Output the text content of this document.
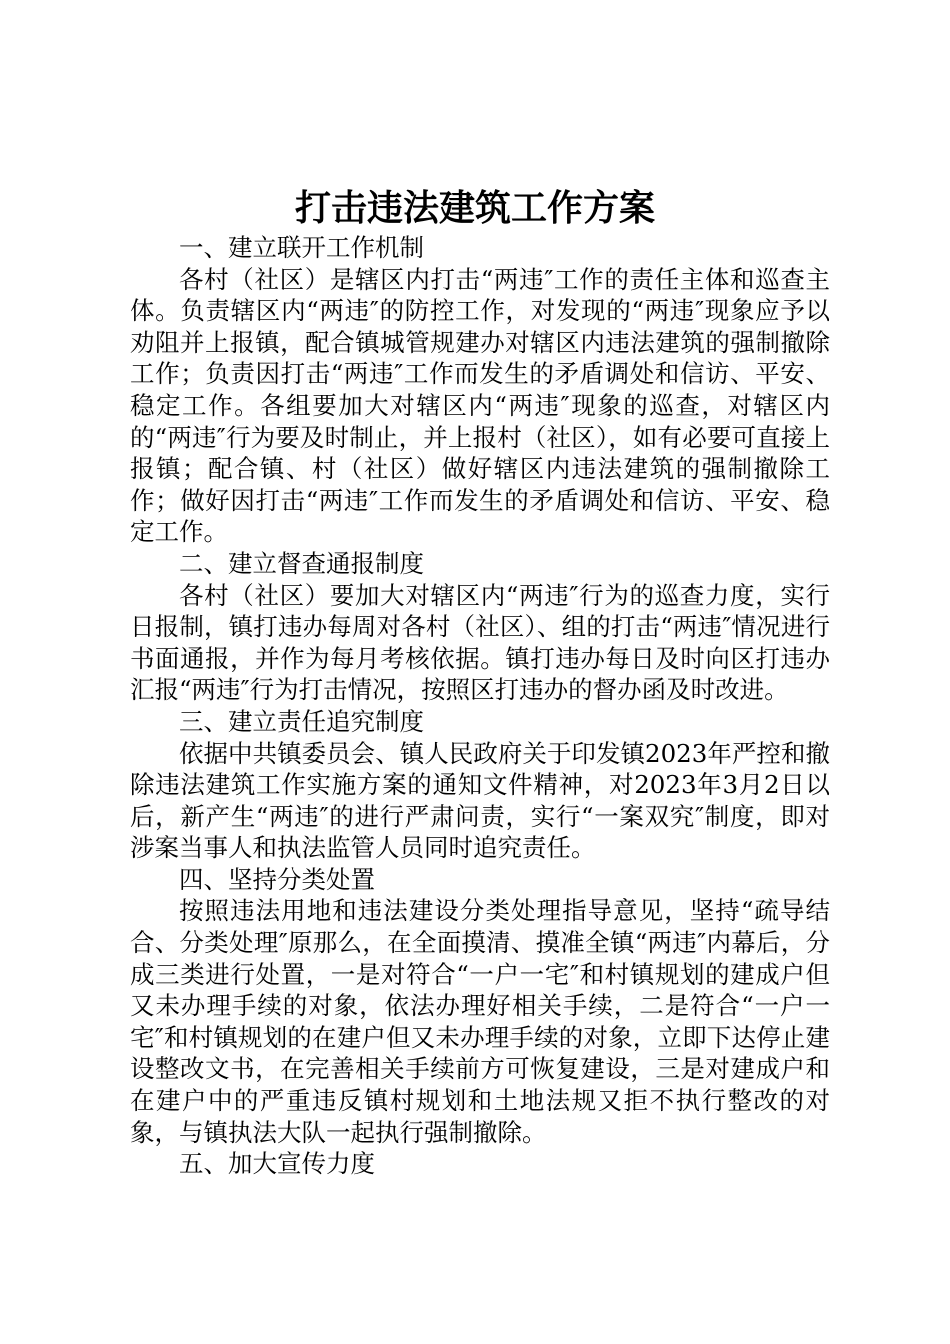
打击违法建筑工作方案

一、建立联开工作机制

各村（社区）是辖区内打击“两违″工作的责任主体和巡查主体。负责辖区内“两违″的防控工作，对发现的“两违″现象应予以劝阻并上报镇，配合镇城管规建办对辖区内违法建筑的强制撤除工作；负责因打击“两违″工作而发生的矛盾调处和信访、平安、稳定工作。各组要加大对辖区内“两违″现象的巡查，对辖区内的“两违″行为要及时制止，并上报村（社区），如有必要可直接上报镇；配合镇、村（社区）做好辖区内违法建筑的强制撤除工作；做好因打击“两违″工作而发生的矛盾调处和信访、平安、稳定工作。

二、建立督查通报制度

各村（社区）要加大对辖区内“两违″行为的巡查力度，实行日报制，镇打违办每周对各村（社区）、组的打击“两违″情况进行书面通报，并作为每月考核依据。镇打违办每日及时向区打违办汇报“两违″行为打击情况，按照区打违办的督办函及时改进。

三、建立责任追究制度

依据中共镇委员会、镇人民政府关于印发镇2023年严控和撤除违法建筑工作实施方案的通知文件精神，对2023年3月2日以后，新产生“两违″的进行严肃问责，实行“一案双究″制度，即对涉案当事人和执法监管人员同时追究责任。

四、坚持分类处置

按照违法用地和违法建设分类处理指导意见，坚持“疏导结合、分类处理″原那么，在全面摸清、摸准全镇“两违″内幕后，分成三类进行处置，一是对符合“一户一宅″和村镇规划的建成户但又未办理手续的对象，依法办理好相关手续，二是符合“一户一宅″和村镇规划的在建户但又未办理手续的对象，立即下达停止建设整改文书，在完善相关手续前方可恢复建设，三是对建成户和在建户中的严重违反镇村规划和土地法规又拒不执行整改的对象，与镇执法大队一起执行强制撤除。

五、加大宣传力度
